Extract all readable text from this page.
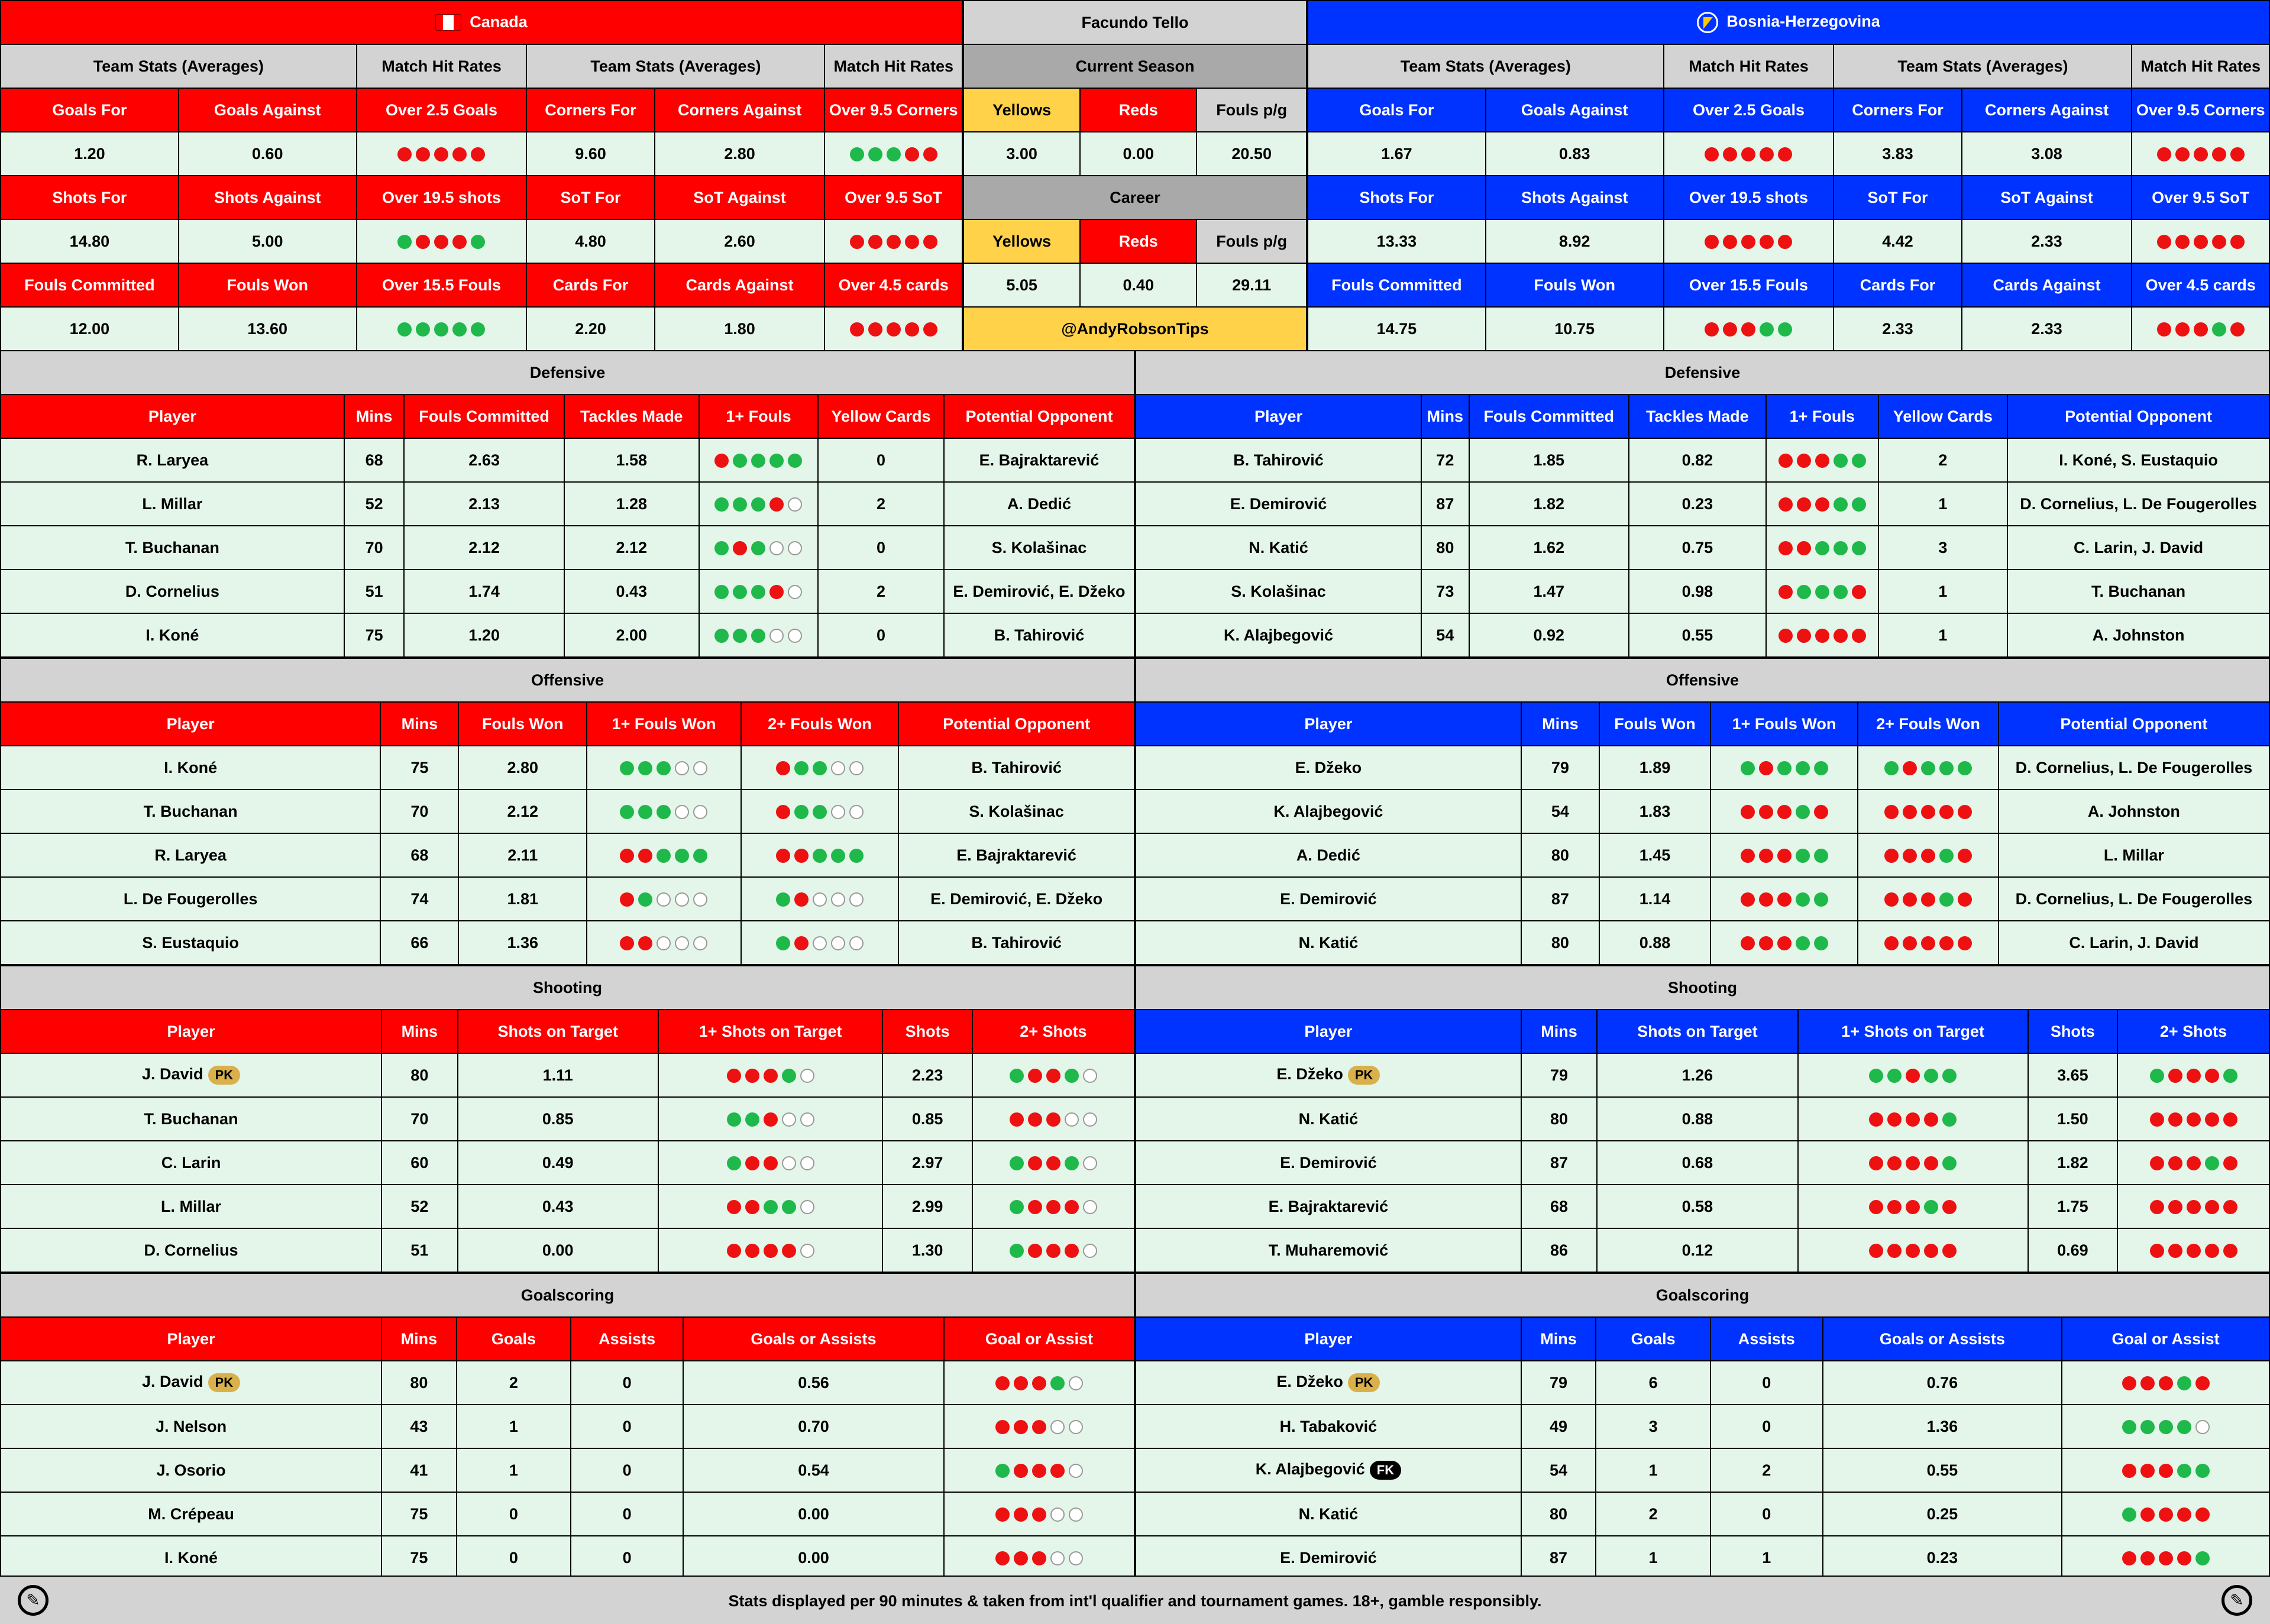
Canada					
Team Stats (Averages)		Match Hit Rates	Team Stats (Averages)		Match Hit Rates
Goals For	Goals Against	Over 2.5 Goals	Corners For	Corners Against	Over 9.5 Corners
1.20	0.60		9.60	2.80	

Shots For	Shots Against	Over 19.5 shots	SoT For	SoT Against	Over 9.5 SoT
14.80	5.00		4.80	2.60	

Fouls Committed	Fouls Won	Over 15.5 Fouls	Cards For	Cards Against	Over 4.5 cards
12.00	13.60		2.20	1.80	
Facundo Tello		
Current Season		
Yellows	Reds	Fouls p/g
3.00	0.00	20.50
Career		
Yellows	Reds	Fouls p/g
5.05	0.40	29.11
@AndyRobsonTips		
Bosnia-Herzegovina					
Team Stats (Averages)		Match Hit Rates	Team Stats (Averages)		Match Hit Rates
Goals For	Goals Against	Over 2.5 Goals	Corners For	Corners Against	Over 9.5 Corners
1.67	0.83		3.83	3.08	

Shots For	Shots Against	Over 19.5 shots	SoT For	SoT Against	Over 9.5 SoT
13.33	8.92		4.42	2.33	

Fouls Committed	Fouls Won	Over 15.5 Fouls	Cards For	Cards Against	Over 4.5 cards
14.75	10.75		2.33	2.33	
Defensive						
Player	Mins	Fouls Committed	Tackles Made	1+ Fouls	Yellow Cards	Potential Opponent
R. Laryea	68	2.63	1.58		0	E. Bajraktarević
L. Millar	52	2.13	1.28		2	A. Dedić
T. Buchanan	70	2.12	2.12		0	S. Kolašinac
D. Cornelius	51	1.74	0.43		2	E. Demirović, E. Džeko
I. Koné	75	1.20	2.00		0	B. Tahirović
Defensive						
Player	Mins	Fouls Committed	Tackles Made	1+ Fouls	Yellow Cards	Potential Opponent
B. Tahirović	72	1.85	0.82		2	I. Koné, S. Eustaquio
E. Demirović	87	1.82	0.23		1	D. Cornelius, L. De Fougerolles
N. Katić	80	1.62	0.75		3	C. Larin, J. David
S. Kolašinac	73	1.47	0.98		1	T. Buchanan
K. Alajbegović	54	0.92	0.55		1	A. Johnston
Offensive					
Player	Mins	Fouls Won	1+ Fouls Won	2+ Fouls Won	Potential Opponent
I. Koné	75	2.80			B. Tahirović
T. Buchanan	70	2.12			S. Kolašinac
R. Laryea	68	2.11			E. Bajraktarević
L. De Fougerolles	74	1.81			E. Demirović, E. Džeko
S. Eustaquio	66	1.36			B. Tahirović
Offensive					
Player	Mins	Fouls Won	1+ Fouls Won	2+ Fouls Won	Potential Opponent
E. Džeko	79	1.89			D. Cornelius, L. De Fougerolles
K. Alajbegović	54	1.83			A. Johnston
A. Dedić	80	1.45			L. Millar
E. Demirović	87	1.14			D. Cornelius, L. De Fougerolles
N. Katić	80	0.88			C. Larin, J. David
Shooting					
Player	Mins	Shots on Target	1+ Shots on Target	Shots	2+ Shots
J. David PK	80	1.11		2.23	

T. Buchanan	70	0.85		0.85	

C. Larin	60	0.49		2.97	

L. Millar	52	0.43		2.99	

D. Cornelius	51	0.00		1.30	
Shooting					
Player	Mins	Shots on Target	1+ Shots on Target	Shots	2+ Shots
E. Džeko PK	79	1.26		3.65	

N. Katić	80	0.88		1.50	

E. Demirović	87	0.68		1.82	

E. Bajraktarević	68	0.58		1.75	

T. Muharemović	86	0.12		0.69	
Goalscoring					
Player	Mins	Goals	Assists	Goals or Assists	Goal or Assist
J. David PK	80	2	0	0.56	

J. Nelson	43	1	0	0.70	

J. Osorio	41	1	0	0.54	

M. Crépeau	75	0	0	0.00	

I. Koné	75	0	0	0.00	
Goalscoring					
Player	Mins	Goals	Assists	Goals or Assists	Goal or Assist
E. Džeko PK	79	6	0	0.76	

H. Tabaković	49	3	0	1.36	

K. Alajbegović FK	54	1	2	0.55	

N. Katić	80	2	0	0.25	

E. Demirović	87	1	1	0.23	
✎	Stats displayed per 90 minutes & taken from int'l qualifier and tournament games. 18+, gamble responsibly.	✎
